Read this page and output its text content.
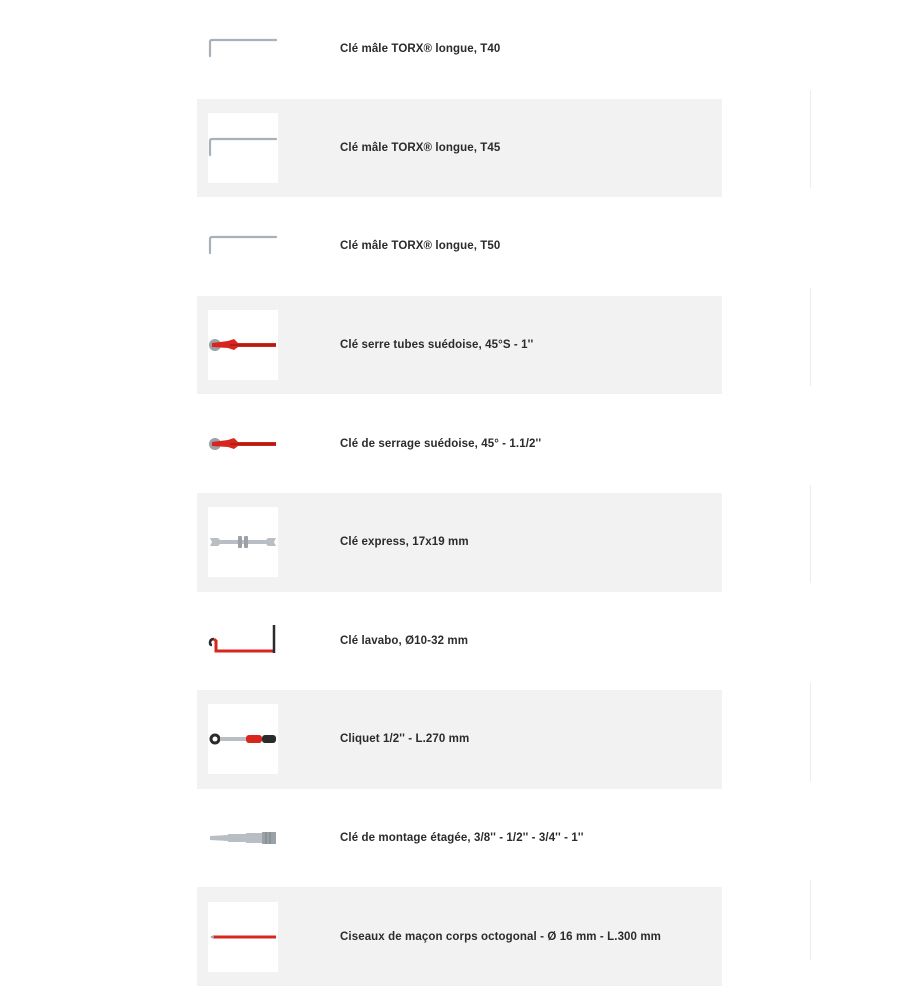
Clé mâle TORX® longue, T40
Clé mâle TORX® longue, T45
Clé mâle TORX® longue, T50
Clé serre tubes suédoise, 45°S - 1''
Clé de serrage suédoise, 45° - 1.1/2''
Clé express, 17x19 mm
Clé lavabo, Ø10-32 mm
Cliquet 1/2'' - L.270 mm
Clé de montage étagée, 3/8'' - 1/2'' - 3/4'' - 1''
Ciseaux de maçon corps octogonal - Ø 16 mm - L.300 mm
